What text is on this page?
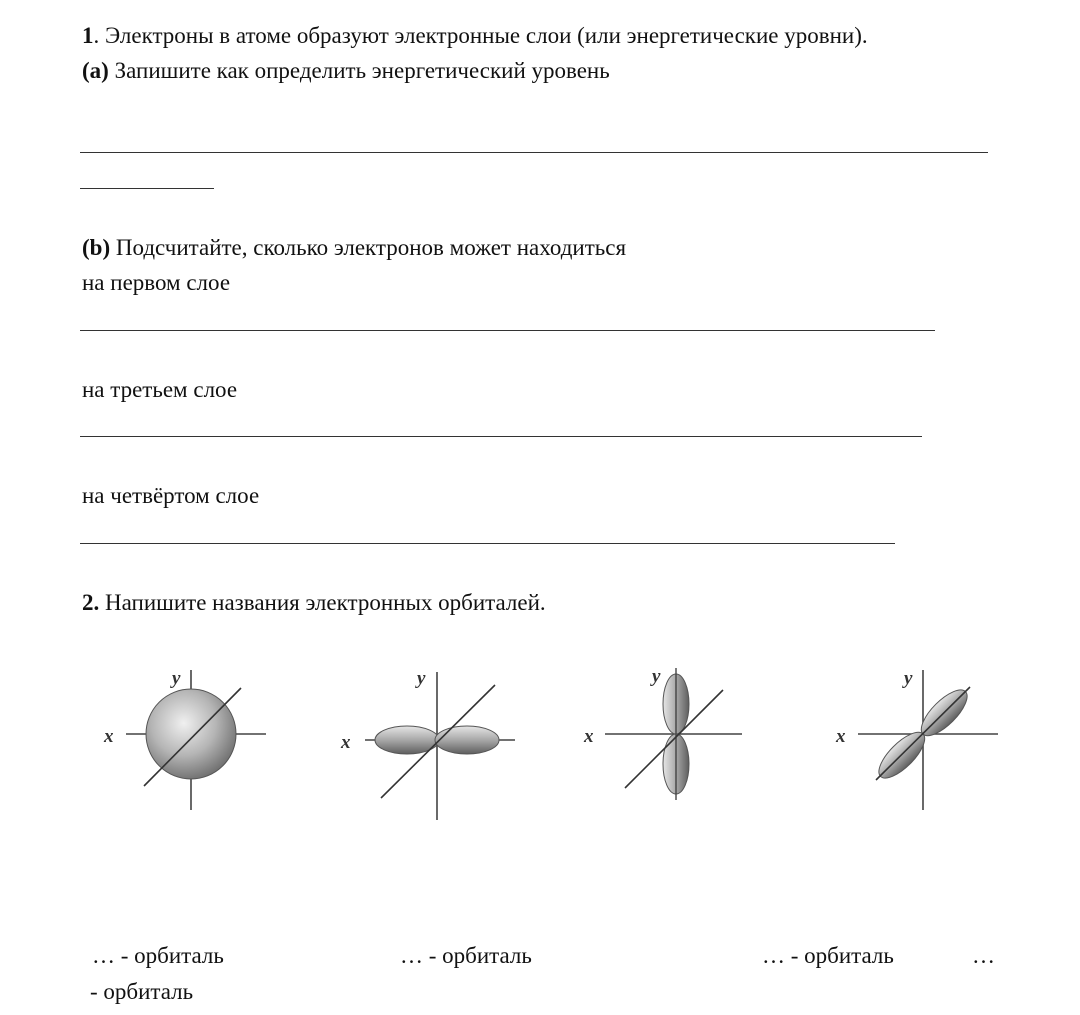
1. Электроны в атоме образуют электронные слои (или энергетические уровни).
(a) Запишите как определить энергетический уровень
(b) Подсчитайте, сколько электронов может находиться
на первом слое
на третьем слое
на четвёртом слое
2. Напишите названия электронных орбиталей.
x
y
x
y
x
y
x
y
… - орбиталь	… - орбиталь	… - орбиталь	…
- орбиталь
